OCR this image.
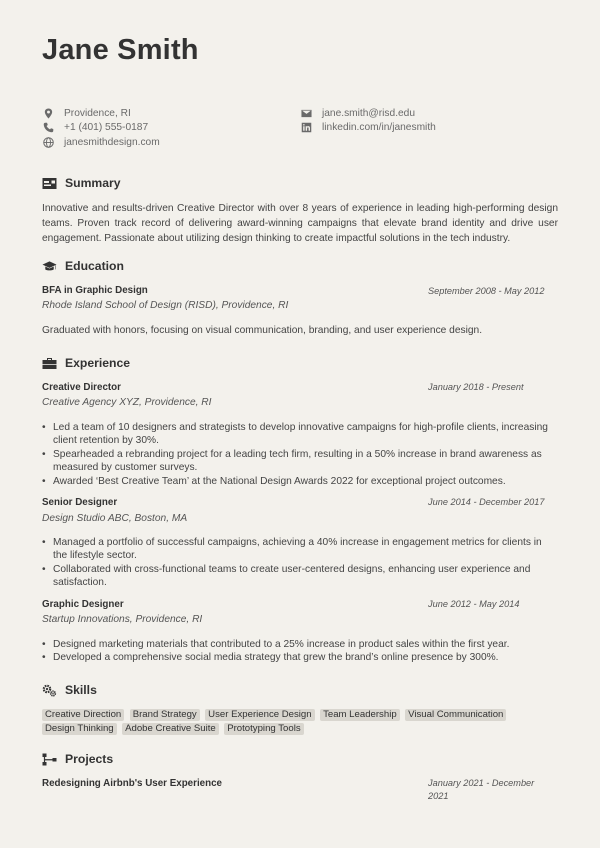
Jane Smith
Providence, RI
+1 (401) 555-0187
janesmithdesign.com
jane.smith@risd.edu
linkedin.com/in/janesmith
Summary
Innovative and results-driven Creative Director with over 8 years of experience in leading high-performing design teams. Proven track record of delivering award-winning campaigns that elevate brand identity and drive user engagement. Passionate about utilizing design thinking to create impactful solutions in the tech industry.
Education
BFA in Graphic Design	September 2008 - May 2012
Rhode Island School of Design (RISD), Providence, RI
Graduated with honors, focusing on visual communication, branding, and user experience design.
Experience
Creative Director	January 2018 - Present
Creative Agency XYZ, Providence, RI
• Led a team of 10 designers and strategists to develop innovative campaigns for high-profile clients, increasing client retention by 30%.
• Spearheaded a rebranding project for a leading tech firm, resulting in a 50% increase in brand awareness as measured by customer surveys.
• Awarded ‘Best Creative Team’ at the National Design Awards 2022 for exceptional project outcomes.
Senior Designer	June 2014 - December 2017
Design Studio ABC, Boston, MA
• Managed a portfolio of successful campaigns, achieving a 40% increase in engagement metrics for clients in the lifestyle sector.
• Collaborated with cross-functional teams to create user-centered designs, enhancing user experience and satisfaction.
Graphic Designer	June 2012 - May 2014
Startup Innovations, Providence, RI
• Designed marketing materials that contributed to a 25% increase in product sales within the first year.
• Developed a comprehensive social media strategy that grew the brand’s online presence by 300%.
Skills
Creative Direction Brand Strategy User Experience Design Team Leadership Visual Communication Design Thinking Adobe Creative Suite Prototyping Tools
Projects
Redesigning Airbnb's User Experience	January 2021 - December
2021
